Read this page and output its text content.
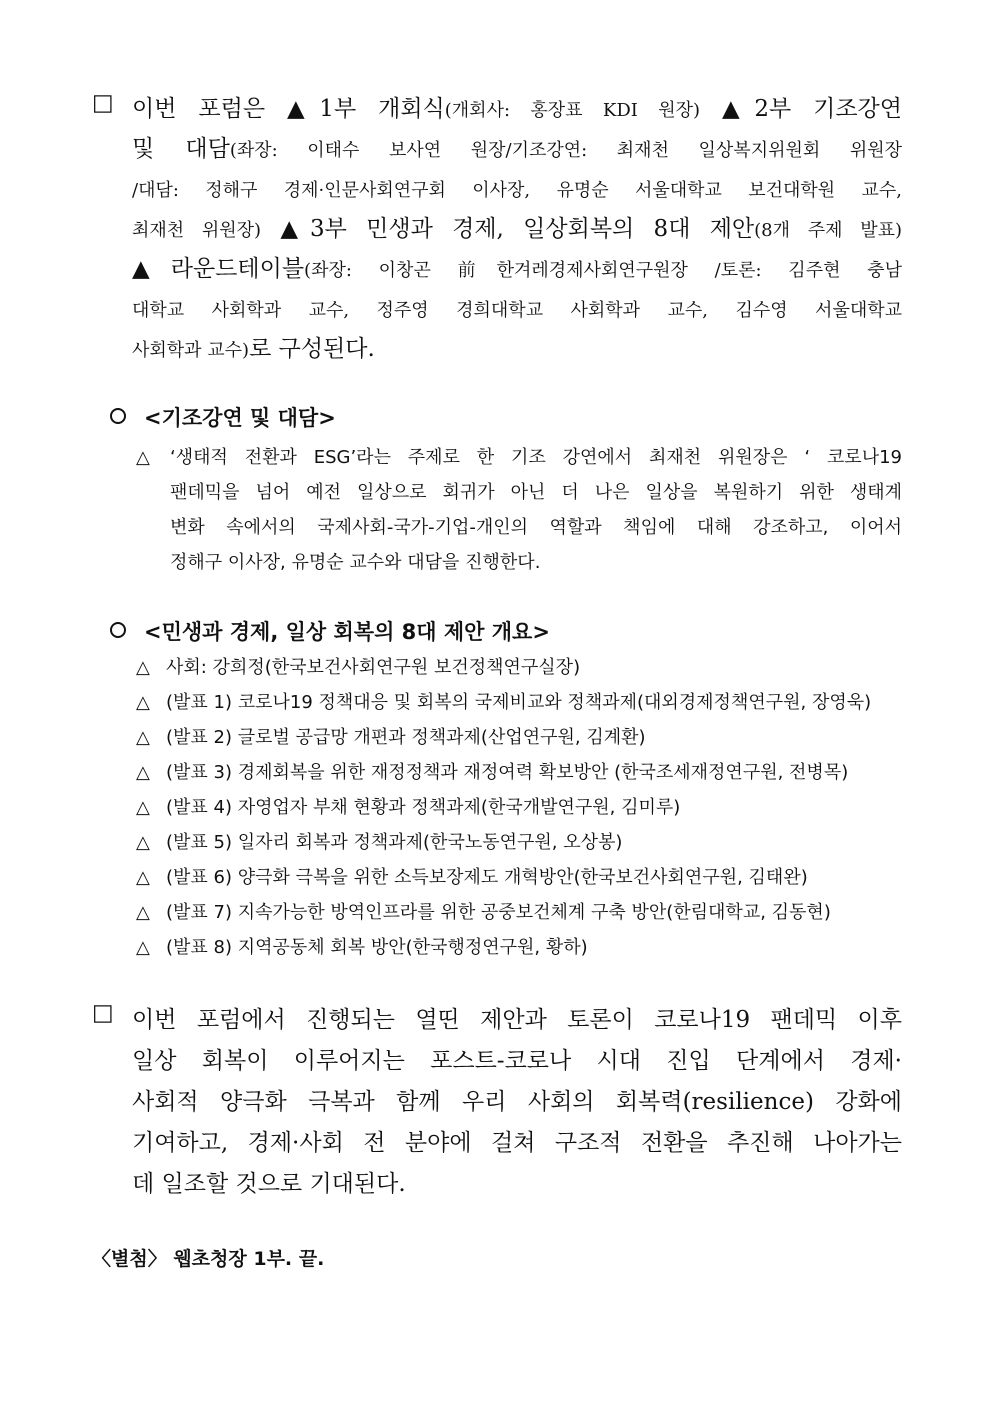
□ 이번 포럼은 ▲1부 개회식(개회사: 홍장표 KDI 원장) ▲2부 기조강연
및 대담(좌장: 이태수 보사연 원장/기조강연: 최재천 일상복지위원회 위원장
/대담: 정해구 경제·인문사회연구회 이사장, 유명순 서울대학교 보건대학원 교수,
최재천 위원장) ▲3부 민생과 경제, 일상회복의 8대 제안(8개 주제 발표)
▲라운드테이블(좌장: 이창곤 前한겨레경제사회연구원장 /토론: 김주현 충남
대학교 사회학과 교수, 정주영 경희대학교 사회학과 교수, 김수영 서울대학교
사회학과 교수)로 구성된다.
<기조강연 및 대담>
△ ‘생태적 전환과 ESG’라는 주제로 한 기조 강연에서 최재천 위원장은 ‘ 코로나19
팬데믹을 넘어 예전 일상으로 회귀가 아닌 더 나은 일상을 복원하기 위한 생태계
변화 속에서의 국제사회-국가-기업-개인의 역할과 책임에 대해 강조하고, 이어서
정해구 이사장, 유명순 교수와 대담을 진행한다.
<민생과 경제, 일상 회복의 8대 제안 개요>
△ 사회: 강희정(한국보건사회연구원 보건정책연구실장)
△ (발표 1) 코로나19 정책대응 및 회복의 국제비교와 정책과제(대외경제정책연구원, 장영욱)
△ (발표 2) 글로벌 공급망 개편과 정책과제(산업연구원, 김계환)
△ (발표 3) 경제회복을 위한 재정정책과 재정여력 확보방안 (한국조세재정연구원, 전병목)
△ (발표 4) 자영업자 부채 현황과 정책과제(한국개발연구원, 김미루)
△ (발표 5) 일자리 회복과 정책과제(한국노동연구원, 오상봉)
△ (발표 6) 양극화 극복을 위한 소득보장제도 개혁방안(한국보건사회연구원, 김태완)
△ (발표 7) 지속가능한 방역인프라를 위한 공중보건체계 구축 방안(한림대학교, 김동현)
△ (발표 8) 지역공동체 회복 방안(한국행정연구원, 황하)
□ 이번 포럼에서 진행되는 열띤 제안과 토론이 코로나19 팬데믹 이후
일상 회복이 이루어지는 포스트-코로나 시대 진입 단계에서 경제·
사회적 양극화 극복과 함께 우리 사회의 회복력(resilience) 강화에
기여하고, 경제·사회 전 분야에 걸쳐 구조적 전환을 추진해 나아가는
데 일조할 것으로 기대된다.
〈별첨〉 웹초청장 1부. 끝.
